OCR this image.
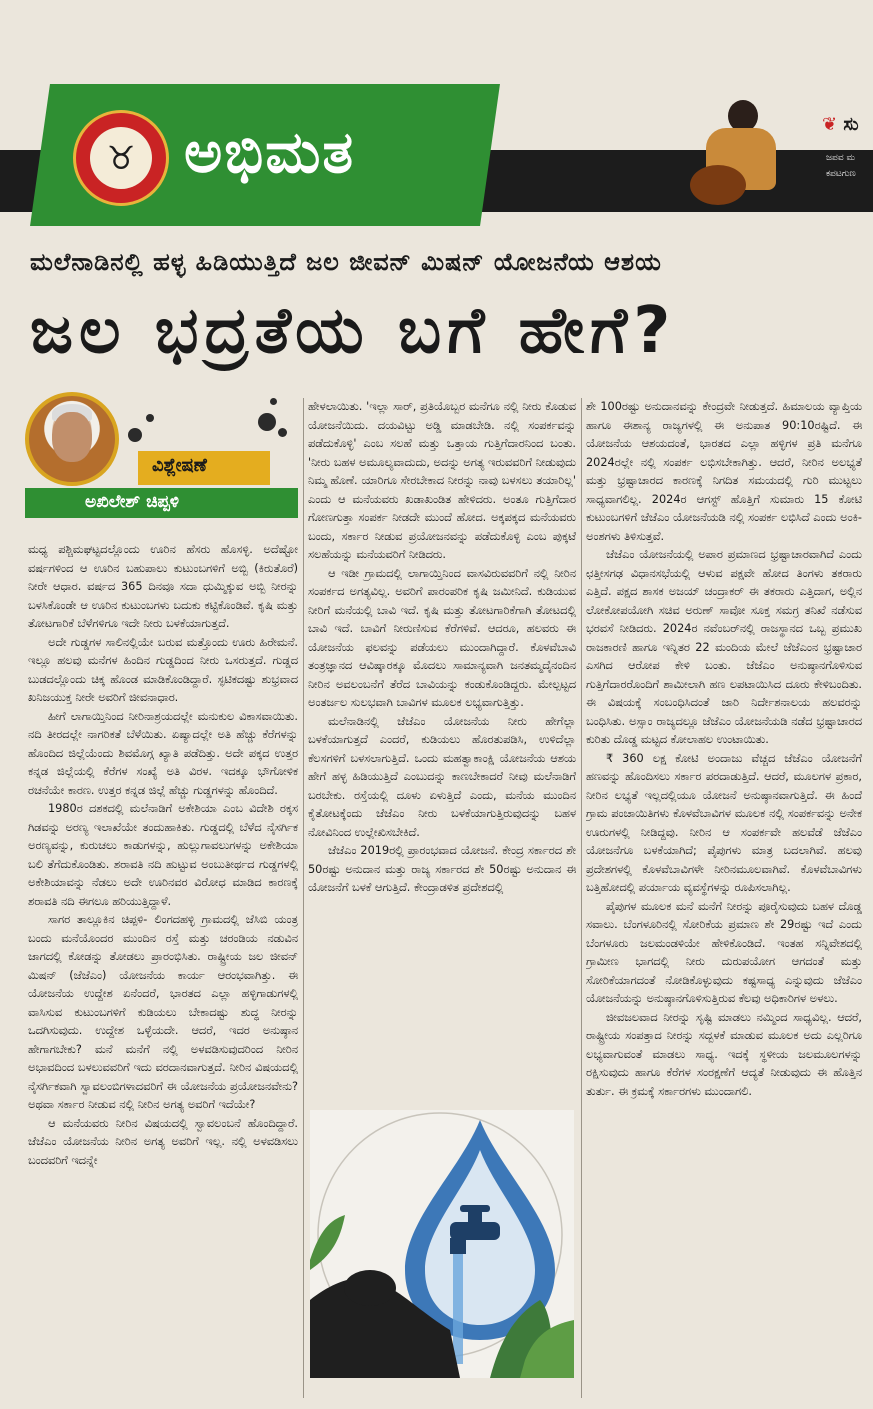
♉ ಅಭಿಮತ	❦ ಸು
ಜಪವ ಮ
ಕಪಟಗುಣ
ಮಲೆನಾಡಿನಲ್ಲಿ ಹಳ್ಳ ಹಿಡಿಯುತ್ತಿದೆ ಜಲ ಜೀವನ್ ಮಿಷನ್ ಯೋಜನೆಯ ಆಶಯ
ಜಲ ಭದ್ರತೆಯ ಬಗೆ ಹೇಗೆ?
ವಿಶ್ಲೇಷಣೆ
ಅಖಿಲೇಶ್ ಚಿಪ್ಪಳಿ

ಮಧ್ಯ ಪಶ್ಚಿಮಘಟ್ಟದಲ್ಲೊಂದು ಊರಿನ ಹೆಸರು ಹೊಸಳ್ಳಿ. ಅದೆಷ್ಟೋ ವರ್ಷಗಳಿಂದ ಆ ಊರಿನ ಬಹುಪಾಲು ಕುಟುಂಬಗಳಿಗೆ ಅಬ್ಬಿ (ಕಿರುತೊರೆ) ನೀರೇ ಆಧಾರ. ವರ್ಷದ 365 ದಿನವೂ ಸದಾ ಧುಮ್ಮಿಕ್ಕುವ ಅಬ್ಬಿ ನೀರನ್ನು ಬಳಸಿಕೊಂಡೇ ಆ ಊರಿನ ಕುಟುಂಬಗಳು ಬದುಕು ಕಟ್ಟಿಕೊಂಡಿವೆ. ಕೃಷಿ ಮತ್ತು ತೋಟಗಾರಿಕೆ ಬೆಳೆಗಳಿಗೂ ಇದೇ ನೀರು ಬಳಕೆಯಾಗುತ್ತದೆ.

ಅದೇ ಗುಡ್ಡಗಳ ಸಾಲಿನಲ್ಲಿಯೇ ಬರುವ ಮತ್ತೊಂದು ಊರು ಹಿರೇಮನೆ. ಇಲ್ಲೂ ಹಲವು ಮನೆಗಳ ಹಿಂದಿನ ಗುಡ್ಡದಿಂದ ನೀರು ಒಸರುತ್ತದೆ. ಗುಡ್ಡದ ಬುಡದಲ್ಲೊಂದು ಚಿಕ್ಕ ಹೊಂಡ ಮಾಡಿಕೊಂಡಿದ್ದಾರೆ. ಸ್ಫಟಿಕದಷ್ಟು ಶುಭ್ರವಾದ ಖನಿಜಯುಕ್ತ ನೀರೇ ಅವರಿಗೆ ಜೀವನಾಧಾರ.

ಹೀಗೆ ಲಾಗಾಯ್ತಿನಿಂದ ನೀರಿನಾಶ್ರಯದಲ್ಲೇ ಮನುಕುಲ ವಿಕಾಸವಾಯಿತು. ನದಿ ತೀರದಲ್ಲೇ ನಾಗರಿಕತೆ ಬೆಳೆಯಿತು. ಏಷ್ಯಾದಲ್ಲೇ ಅತಿ ಹೆಚ್ಚು ಕೆರೆಗಳನ್ನು ಹೊಂದಿದ ಜಿಲ್ಲೆಯೆಂದು ಶಿವಮೊಗ್ಗ ಖ್ಯಾತಿ ಪಡೆದಿತ್ತು. ಅದೇ ಪಕ್ಕದ ಉತ್ತರ ಕನ್ನಡ ಜಿಲ್ಲೆಯಲ್ಲಿ ಕೆರೆಗಳ ಸಂಖ್ಯೆ ಅತಿ ವಿರಳ. ಇದಕ್ಕೂ ಭೌಗೋಳಿಕ ರಚನೆಯೇ ಕಾರಣ. ಉತ್ತರ ಕನ್ನಡ ಜಿಲ್ಲೆ ಹೆಚ್ಚು ಗುಡ್ಡಗಳನ್ನು ಹೊಂದಿದೆ.

1980ರ ದಶಕದಲ್ಲಿ ಮಲೆನಾಡಿಗೆ ಅಕೇಶಿಯಾ ಎಂಬ ವಿದೇಶಿ ರಕ್ಕಸ ಗಿಡವನ್ನು ಅರಣ್ಯ ಇಲಾಖೆಯೇ ತಂದುಹಾಕಿತು. ಗುಡ್ಡದಲ್ಲಿ ಬೆಳೆದ ನೈಸರ್ಗಿಕ ಅರಣ್ಯವನ್ನು, ಕುರುಚಲು ಕಾಡುಗಳನ್ನು, ಹುಲ್ಲುಗಾವಲುಗಳನ್ನು ಅಕೇಶಿಯಾ ಬಲಿ ತೆಗೆದುಕೊಂಡಿತು. ಶರಾವತಿ ನದಿ ಹುಟ್ಟುವ ಅಂಬುತೀರ್ಥದ ಗುಡ್ಡಗಳಲ್ಲಿ ಅಕೇಶಿಯಾವನ್ನು ನೆಡಲು ಅದೇ ಊರಿನವರ ವಿರೋಧ ಮಾಡಿದ ಕಾರಣಕ್ಕೆ ಶರಾವತಿ ನದಿ ಈಗಲೂ ಹರಿಯುತ್ತಿದ್ದಾಳೆ.

ಸಾಗರ ತಾಲ್ಲೂಕಿನ ಚಿಪ್ಪಳಿ- ಲಿಂಗದಹಳ್ಳಿ ಗ್ರಾಮದಲ್ಲಿ ಜೆಸಿಬಿ ಯಂತ್ರ ಬಂದು ಮನೆಯೊಂದರ ಮುಂದಿನ ರಸ್ತೆ ಮತ್ತು ಚರಂಡಿಯ ನಡುವಿನ ಜಾಗದಲ್ಲಿ ಕೋಡನ್ನು ತೋಡಲು ಪ್ರಾರಂಭಿಸಿತು. ರಾಷ್ಟ್ರೀಯ ಜಲ ಜೀವನ್ ಮಿಷನ್ (ಜೆಜೆಎಂ) ಯೋಜನೆಯ ಕಾರ್ಯ ಆರಂಭವಾಗಿತ್ತು. ಈ ಯೋಜನೆಯ ಉದ್ದೇಶ ಏನೆಂದರೆ, ಭಾರತದ ಎಲ್ಲಾ ಹಳ್ಳಿಗಾಡುಗಳಲ್ಲಿ ವಾಸಿಸುವ ಕುಟುಂಬಗಳಿಗೆ ಕುಡಿಯಲು ಬೇಕಾದಷ್ಟು ಶುದ್ಧ ನೀರನ್ನು ಒದಗಿಸುವುದು. ಉದ್ದೇಶ ಒಳ್ಳೆಯದೇ. ಆದರೆ, ಇದರ ಅನುಷ್ಠಾನ ಹೇಗಾಗಬೇಕು? ಮನೆ ಮನೆಗೆ ನಲ್ಲಿ ಅಳವಡಿಸುವುದರಿಂದ ನೀರಿನ ಅಭಾವದಿಂದ ಬಳಲುವವರಿಗೆ ಇದು ವರದಾನವಾಗುತ್ತದೆ. ನೀರಿನ ವಿಷಯದಲ್ಲಿ ನೈಸರ್ಗಿಕವಾಗಿ ಸ್ವಾವಲಂಬಿಗಳಾದವರಿಗೆ ಈ ಯೋಜನೆಯ ಪ್ರಯೋಜನವೇನು? ಅಥವಾ ಸರ್ಕಾರ ನೀಡುವ ನಲ್ಲಿ ನೀರಿನ ಅಗತ್ಯ ಅವರಿಗೆ ಇದೆಯೇ?

ಆ ಮನೆಯವರು ನೀರಿನ ವಿಷಯದಲ್ಲಿ ಸ್ವಾವಲಂಬನೆ ಹೊಂದಿದ್ದಾರೆ. ಜೆಜೆಎಂ ಯೋಜನೆಯ ನೀರಿನ ಅಗತ್ಯ ಅವರಿಗೆ ಇಲ್ಲ. ನಲ್ಲಿ ಅಳವಡಿಸಲು ಬಂದವರಿಗೆ ಇದನ್ನೇ

ಹೇಳಲಾಯಿತು. 'ಇಲ್ಲಾ ಸಾರ್, ಪ್ರತಿಯೊಬ್ಬರ ಮನೆಗೂ ನಲ್ಲಿ ನೀರು ಕೊಡುವ ಯೋಜನೆಯಿದು. ದಯವಿಟ್ಟು ಅಡ್ಡಿ ಮಾಡಬೇಡಿ. ನಲ್ಲಿ ಸಂಪರ್ಕವನ್ನು ಪಡೆದುಕೊಳ್ಳಿ' ಎಂಬ ಸಲಹೆ ಮತ್ತು ಒತ್ತಾಯ ಗುತ್ತಿಗೆದಾರನಿಂದ ಬಂತು. 'ನೀರು ಬಹಳ ಅಮೂಲ್ಯವಾದುದು, ಅದನ್ನು ಅಗತ್ಯ ಇರುವವರಿಗೆ ನೀಡುವುದು ನಿಮ್ಮ ಹೊಣೆ. ಯಾರಿಗೂ ಸೇರಬೇಕಾದ ನೀರನ್ನು ನಾವು ಬಳಸಲು ತಯಾರಿಲ್ಲ' ಎಂದು ಆ ಮನೆಯವರು ಖಡಾಖಂಡಿತ ಹೇಳಿದರು. ಅಂತೂ ಗುತ್ತಿಗೆದಾರ ಗೋಣಗುತ್ತಾ ಸಂಪರ್ಕ ನೀಡದೇ ಮುಂದೆ ಹೋದ. ಅಕ್ಕಪಕ್ಕದ ಮನೆಯವರು ಬಂದು, ಸರ್ಕಾರ ನೀಡುವ ಪ್ರಯೋಜನವನ್ನು ಪಡೆದುಕೊಳ್ಳಿ ಎಂಬ ಪುಕ್ಕಟೆ ಸಲಹೆಯನ್ನು ಮನೆಯವರಿಗೆ ನೀಡಿದರು.

ಆ ಇಡೀ ಗ್ರಾಮದಲ್ಲಿ ಲಾಗಾಯ್ತಿನಿಂದ ವಾಸವಿರುವವರಿಗೆ ನಲ್ಲಿ ನೀರಿನ ಸಂಪರ್ಕದ ಅಗತ್ಯವಿಲ್ಲ. ಅವರಿಗೆ ಪಾರಂಪರಿಕ ಕೃಷಿ ಜಮೀನಿದೆ. ಕುಡಿಯುವ ನೀರಿಗೆ ಮನೆಯಲ್ಲಿ ಬಾವಿ ಇದೆ. ಕೃಷಿ ಮತ್ತು ತೋಟಗಾರಿಕೆಗಾಗಿ ತೋಟದಲ್ಲಿ ಬಾವಿ ಇದೆ. ಬಾವಿಗೆ ನೀರುಣಿಸುವ ಕೆರೆಗಳಿವೆ. ಆದರೂ, ಹಲವರು ಈ ಯೋಜನೆಯ ಫಲವನ್ನು ಪಡೆಯಲು ಮುಂದಾಗಿದ್ದಾರೆ. ಕೊಳವೆಬಾವಿ ತಂತ್ರಜ್ಞಾನದ ಆವಿಷ್ಕಾರಕ್ಕೂ ಮೊದಲು ಸಾಮಾನ್ಯವಾಗಿ ಜನತಮ್ಮದೈನಂದಿನ ನೀರಿನ ಅವಲಂಬನೆಗೆ ತೆರೆದ ಬಾವಿಯನ್ನು ಕಂಡುಕೊಂಡಿದ್ದರು. ಮೇಲ್ಪಟ್ಟದ ಅಂತರ್ಜಲ ಸುಲಭವಾಗಿ ಬಾವಿಗಳ ಮೂಲಕ ಲಭ್ಯವಾಗುತ್ತಿತ್ತು.

ಮಲೆನಾಡಿನಲ್ಲಿ ಜೆಜೆಎಂ ಯೋಜನೆಯ ನೀರು ಹೇಗೆಲ್ಲಾ ಬಳಕೆಯಾಗುತ್ತದೆ ಎಂದರೆ, ಕುಡಿಯಲು ಹೊರತುಪಡಿಸಿ, ಉಳಿದೆಲ್ಲಾ ಕೆಲಸಗಳಿಗೆ ಬಳಸಲಾಗುತ್ತಿದೆ. ಒಂದು ಮಹತ್ವಾಕಾಂಕ್ಷಿ ಯೋಜನೆಯ ಆಶಯ ಹೇಗೆ ಹಳ್ಳ ಹಿಡಿಯುತ್ತಿದೆ ಎಂಬುದನ್ನು ಕಾಣಬೇಕಾದರೆ ನೀವು ಮಲೆನಾಡಿಗೆ ಬರಬೇಕು. ರಸ್ತೆಯಲ್ಲಿ ದೂಳು ಏಳುತ್ತಿದೆ ಎಂದು, ಮನೆಯ ಮುಂದಿನ ಕೈತೋಟಕ್ಕೆಂದು ಜೆಜೆಎಂ ನೀರು ಬಳಕೆಯಾಗುತ್ತಿರುವುದನ್ನು ಬಹಳ ನೋವಿನಿಂದ ಉಲ್ಲೇಖಿಸಬೇಕಿದೆ.

ಜೆಜೆಎಂ 2019ರಲ್ಲಿ ಪ್ರಾರಂಭವಾದ ಯೋಜನೆ. ಕೇಂದ್ರ ಸರ್ಕಾರದ ಶೇ 50ರಷ್ಟು ಅನುದಾನ ಮತ್ತು ರಾಜ್ಯ ಸರ್ಕಾರದ ಶೇ 50ರಷ್ಟು ಅನುದಾನ ಈ ಯೋಜನೆಗೆ ಬಳಕೆ ಆಗುತ್ತಿದೆ. ಕೇಂದ್ರಾಡಳಿತ ಪ್ರದೇಶದಲ್ಲಿ

ಶೇ 100ರಷ್ಟು ಅನುದಾನವನ್ನು ಕೇಂದ್ರವೇ ನೀಡುತ್ತದೆ. ಹಿಮಾಲಯ ವ್ಯಾಪ್ತಿಯ ಹಾಗೂ ಈಶಾನ್ಯ ರಾಜ್ಯಗಳಲ್ಲಿ ಈ ಅನುಪಾತ 90:10ರಷ್ಟಿದೆ. ಈ ಯೋಜನೆಯ ಆಶಯದಂತೆ, ಭಾರತದ ಎಲ್ಲಾ ಹಳ್ಳಿಗಳ ಪ್ರತಿ ಮನೆಗೂ 2024ರಲ್ಲೇ ನಲ್ಲಿ ಸಂಪರ್ಕ ಲಭಿಸಬೇಕಾಗಿತ್ತು. ಆದರೆ, ನೀರಿನ ಅಲಭ್ಯತೆ ಮತ್ತು ಭ್ರಷ್ಟಾಚಾರದ ಕಾರಣಕ್ಕೆ ನಿಗದಿತ ಸಮಯದಲ್ಲಿ ಗುರಿ ಮುಟ್ಟಲು ಸಾಧ್ಯವಾಗಲಿಲ್ಲ. 2024ರ ಆಗಸ್ಟ್ ಹೊತ್ತಿಗೆ ಸುಮಾರು 15 ಕೋಟಿ ಕುಟುಂಬಗಳಿಗೆ ಜೆಜೆಎಂ ಯೋಜನೆಯಡಿ ನಲ್ಲಿ ಸಂಪರ್ಕ ಲಭಿಸಿದೆ ಎಂದು ಅಂಕಿ-ಅಂಶಗಳು ತಿಳಿಸುತ್ತವೆ.

ಜೆಜೆಎಂ ಯೋಜನೆಯಲ್ಲಿ ಅಪಾರ ಪ್ರಮಾಣದ ಭ್ರಷ್ಟಾಚಾರವಾಗಿದೆ ಎಂದು ಛತ್ತೀಸಗಢ ವಿಧಾನಸಭೆಯಲ್ಲಿ ಆಳುವ ಪಕ್ಷವೇ ಹೋದ ತಿಂಗಳು ತಕರಾರು ಎತ್ತಿದೆ. ಪಕ್ಷದ ಶಾಸಕ ಅಜಯ್ ಚಂದ್ರಾಕರ್ ಈ ತಕರಾರು ಎತ್ತಿದಾಗ, ಅಲ್ಲಿನ ಲೋಕೋಪಯೋಗಿ ಸಚಿವ ಅರುಣ್ ಸಾವೋ ಸೂಕ್ತ ಸಮಗ್ರ ತನಿಖೆ ನಡೆಸುವ ಭರವಸೆ ನೀಡಿದರು. 2024ರ ನವೆಂಬರ್‌ನಲ್ಲಿ ರಾಜಸ್ಥಾನದ ಒಬ್ಬ ಪ್ರಮುಖ ರಾಜಕಾರಣಿ ಹಾಗೂ ಇನ್ನಿತರ 22 ಮಂದಿಯ ಮೇಲೆ ಜೆಜೆಎಂನ ಭ್ರಷ್ಟಾಚಾರ ಎಸಗಿದ ಆರೋಪ ಕೇಳಿ ಬಂತು. ಜೆಜೆಎಂ ಅನುಷ್ಠಾನಗೊಳಿಸುವ ಗುತ್ತಿಗೆದಾರರೊಂದಿಗೆ ಶಾಮೀಲಾಗಿ ಹಣ ಲಪಟಾಯಿಸಿದ ದೂರು ಕೇಳಿಬಂದಿತು. ಈ ವಿಷಯಕ್ಕೆ ಸಂಬಂಧಿಸಿದಂತೆ ಜಾರಿ ನಿರ್ದೇಶನಾಲಯ ಹಲವರನ್ನು ಬಂಧಿಸಿತು. ಅಸ್ಸಾಂ ರಾಜ್ಯದಲ್ಲೂ ಜೆಜೆಎಂ ಯೋಜನೆಯಡಿ ನಡೆದ ಭ್ರಷ್ಟಾಚಾರದ ಕುರಿತು ದೊಡ್ಡ ಮಟ್ಟದ ಕೋಲಾಹಲ ಉಂಟಾಯಿತು.

₹ 360 ಲಕ್ಷ ಕೋಟಿ ಅಂದಾಜು ವೆಚ್ಚದ ಜೆಜೆಎಂ ಯೋಜನೆಗೆ ಹಣವನ್ನು ಹೊಂದಿಸಲು ಸರ್ಕಾರ ಪರದಾಡುತ್ತಿದೆ. ಆದರೆ, ಮೂಲಗಳ ಪ್ರಕಾರ, ನೀರಿನ ಲಭ್ಯತೆ ಇಲ್ಲದಲ್ಲಿಯೂ ಯೋಜನೆ ಅನುಷ್ಠಾನವಾಗುತ್ತಿದೆ. ಈ ಹಿಂದೆ ಗ್ರಾಮ ಪಂಚಾಯಿತಿಗಳು ಕೊಳವೆಬಾವಿಗಳ ಮೂಲಕ ನಲ್ಲಿ ಸಂಪರ್ಕವನ್ನು ಅನೇಕ ಊರುಗಳಲ್ಲಿ ನೀಡಿದ್ದವು. ನೀರಿನ ಆ ಸಂಪರ್ಕವೇ ಹಲವೆಡೆ ಜೆಜೆಎಂ ಯೋಜನೆಗೂ ಬಳಕೆಯಾಗಿದೆ; ಪೈಪುಗಳು ಮಾತ್ರ ಬದಲಾಗಿವೆ. ಹಲವು ಪ್ರದೇಶಗಳಲ್ಲಿ ಕೊಳವೆಬಾವಿಗಳೇ ನೀರಿನಮೂಲವಾಗಿವೆ. ಕೊಳವೆಬಾವಿಗಳು ಬತ್ತಿಹೋದಲ್ಲಿ ಪರ್ಯಾಯ ವ್ಯವಸ್ಥೆಗಳನ್ನು ರೂಪಿಸಲಾಗಿಲ್ಲ.

ಪೈಪುಗಳ ಮೂಲಕ ಮನೆ ಮನೆಗೆ ನೀರನ್ನು ಪೂರೈಸುವುದು ಬಹಳ ದೊಡ್ಡ ಸವಾಲು. ಬೆಂಗಳೂರಿನಲ್ಲಿ ಸೋರಿಕೆಯ ಪ್ರಮಾಣ ಶೇ 29ರಷ್ಟು ಇದೆ ಎಂದು ಬೆಂಗಳೂರು ಜಲಮಂಡಳಿಯೇ ಹೇಳಿಕೊಂಡಿದೆ. ಇಂತಹ ಸನ್ನಿವೇಶದಲ್ಲಿ ಗ್ರಾಮೀಣ ಭಾಗದಲ್ಲಿ ನೀರು ದುರುಪಯೋಗ ಆಗದಂತೆ ಮತ್ತು ಸೋರಿಕೆಯಾಗದಂತೆ ನೋಡಿಕೊಳ್ಳುವುದು ಕಷ್ಟಸಾಧ್ಯ ಎನ್ನುವುದು ಜೆಜೆಎಂ ಯೋಜನೆಯನ್ನು ಅನುಷ್ಠಾನಗೊಳಿಸುತ್ತಿರುವ ಕೆಲವು ಅಧಿಕಾರಿಗಳ ಅಳಲು.

ಜೀವಜಲವಾದ ನೀರನ್ನು ಸೃಷ್ಟಿ ಮಾಡಲು ನಮ್ಮಿಂದ ಸಾಧ್ಯವಿಲ್ಲ. ಆದರೆ, ರಾಷ್ಟ್ರೀಯ ಸಂಪತ್ತಾದ ನೀರನ್ನು ಸದ್ಬಳಕೆ ಮಾಡುವ ಮೂಲಕ ಅದು ಎಲ್ಲರಿಗೂ ಲಭ್ಯವಾಗುವಂತೆ ಮಾಡಲು ಸಾಧ್ಯ. ಇದಕ್ಕೆ ಸ್ಥಳೀಯ ಜಲಮೂಲಗಳನ್ನು ರಕ್ಷಿಸುವುದು ಹಾಗೂ ಕೆರೆಗಳ ಸಂರಕ್ಷಣೆಗೆ ಆದ್ಯತೆ ನೀಡುವುದು ಈ ಹೊತ್ತಿನ ತುರ್ತು. ಈ ಕ್ರಮಕ್ಕೆ ಸರ್ಕಾರಗಳು ಮುಂದಾಗಲಿ.
